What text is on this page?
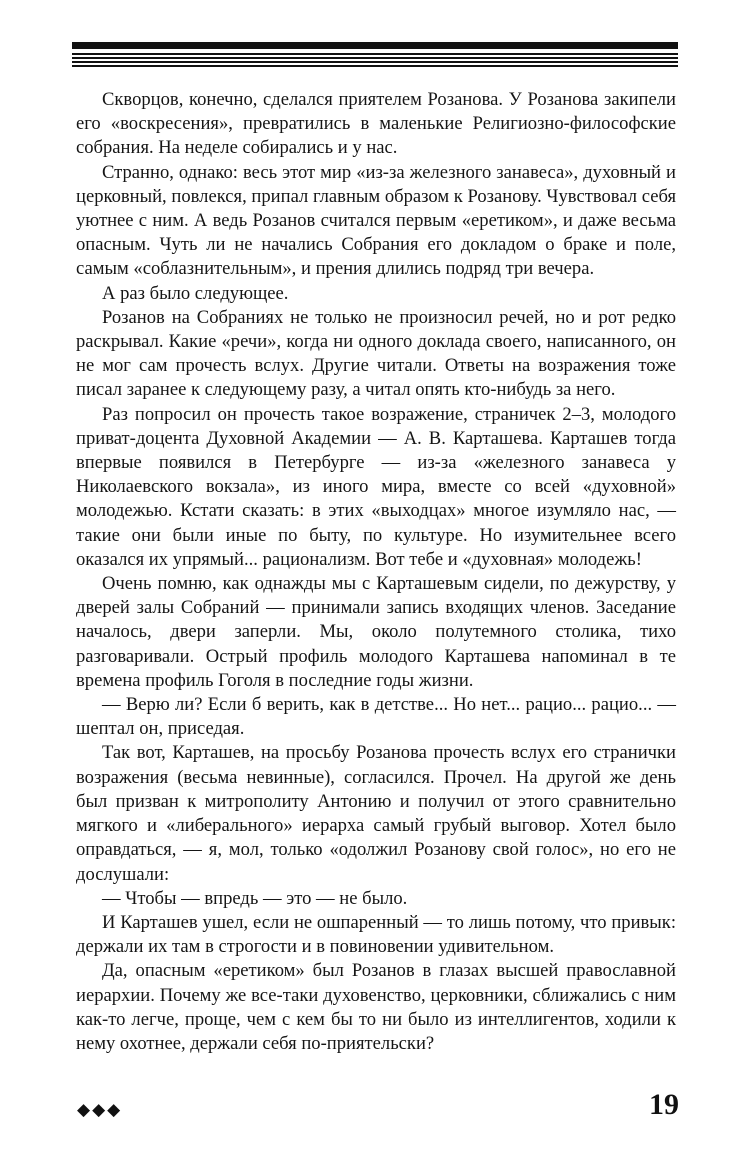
Скворцов, конечно, сделался приятелем Розанова. У Розанова закипели его «воскресения», превратились в маленькие Религиозно-философские собрания. На неделе собирались и у нас.

Странно, однако: весь этот мир «из-за железного занавеса», духовный и церковный, повлекся, припал главным образом к Розанову. Чувствовал себя уютнее с ним. А ведь Розанов считался первым «еретиком», и даже весьма опасным. Чуть ли не начались Собрания его докладом о браке и поле, самым «соблазнительным», и прения длились подряд три вечера.

А раз было следующее.

Розанов на Собраниях не только не произносил речей, но и рот редко раскрывал. Какие «речи», когда ни одного доклада своего, написанного, он не мог сам прочесть вслух. Другие читали. Ответы на возражения тоже писал заранее к следующему разу, а читал опять кто-нибудь за него.

Раз попросил он прочесть такое возражение, страничек 2–3, молодого приват-доцента Духовной Академии — А. В. Карташева. Карташев тогда впервые появился в Петербурге — из-за «железного занавеса у Николаевского вокзала», из иного мира, вместе со всей «духовной» молодежью. Кстати сказать: в этих «выходцах» многое изумляло нас, — такие они были иные по быту, по культуре. Но изумительнее всего оказался их упрямый... рационализм. Вот тебе и «духовная» молодежь!

Очень помню, как однажды мы с Карташевым сидели, по дежурству, у дверей залы Собраний — принимали запись входящих членов. Заседание началось, двери заперли. Мы, около полутемного столика, тихо разговаривали. Острый профиль молодого Карташева напоминал в те времена профиль Гоголя в последние годы жизни.

— Верю ли? Если б верить, как в детстве... Но нет... рацио... рацио... — шептал он, приседая.

Так вот, Карташев, на просьбу Розанова прочесть вслух его странички возражения (весьма невинные), согласился. Прочел. На другой же день был призван к митрополиту Антонию и получил от этого сравнительно мягкого и «либерального» иерарха самый грубый выговор. Хотел было оправдаться, — я, мол, только «одолжил Розанову свой голос», но его не дослушали:

— Чтобы — впредь — это — не было.

И Карташев ушел, если не ошпаренный — то лишь потому, что привык: держали их там в строгости и в повиновении удивительном.

Да, опасным «еретиком» был Розанов в глазах высшей православной иерархии. Почему же все-таки духовенство, церковники, сближались с ним как-то легче, проще, чем с кем бы то ни было из интеллигентов, ходили к нему охотнее, держали себя по-приятельски?

◆◆◆	19
